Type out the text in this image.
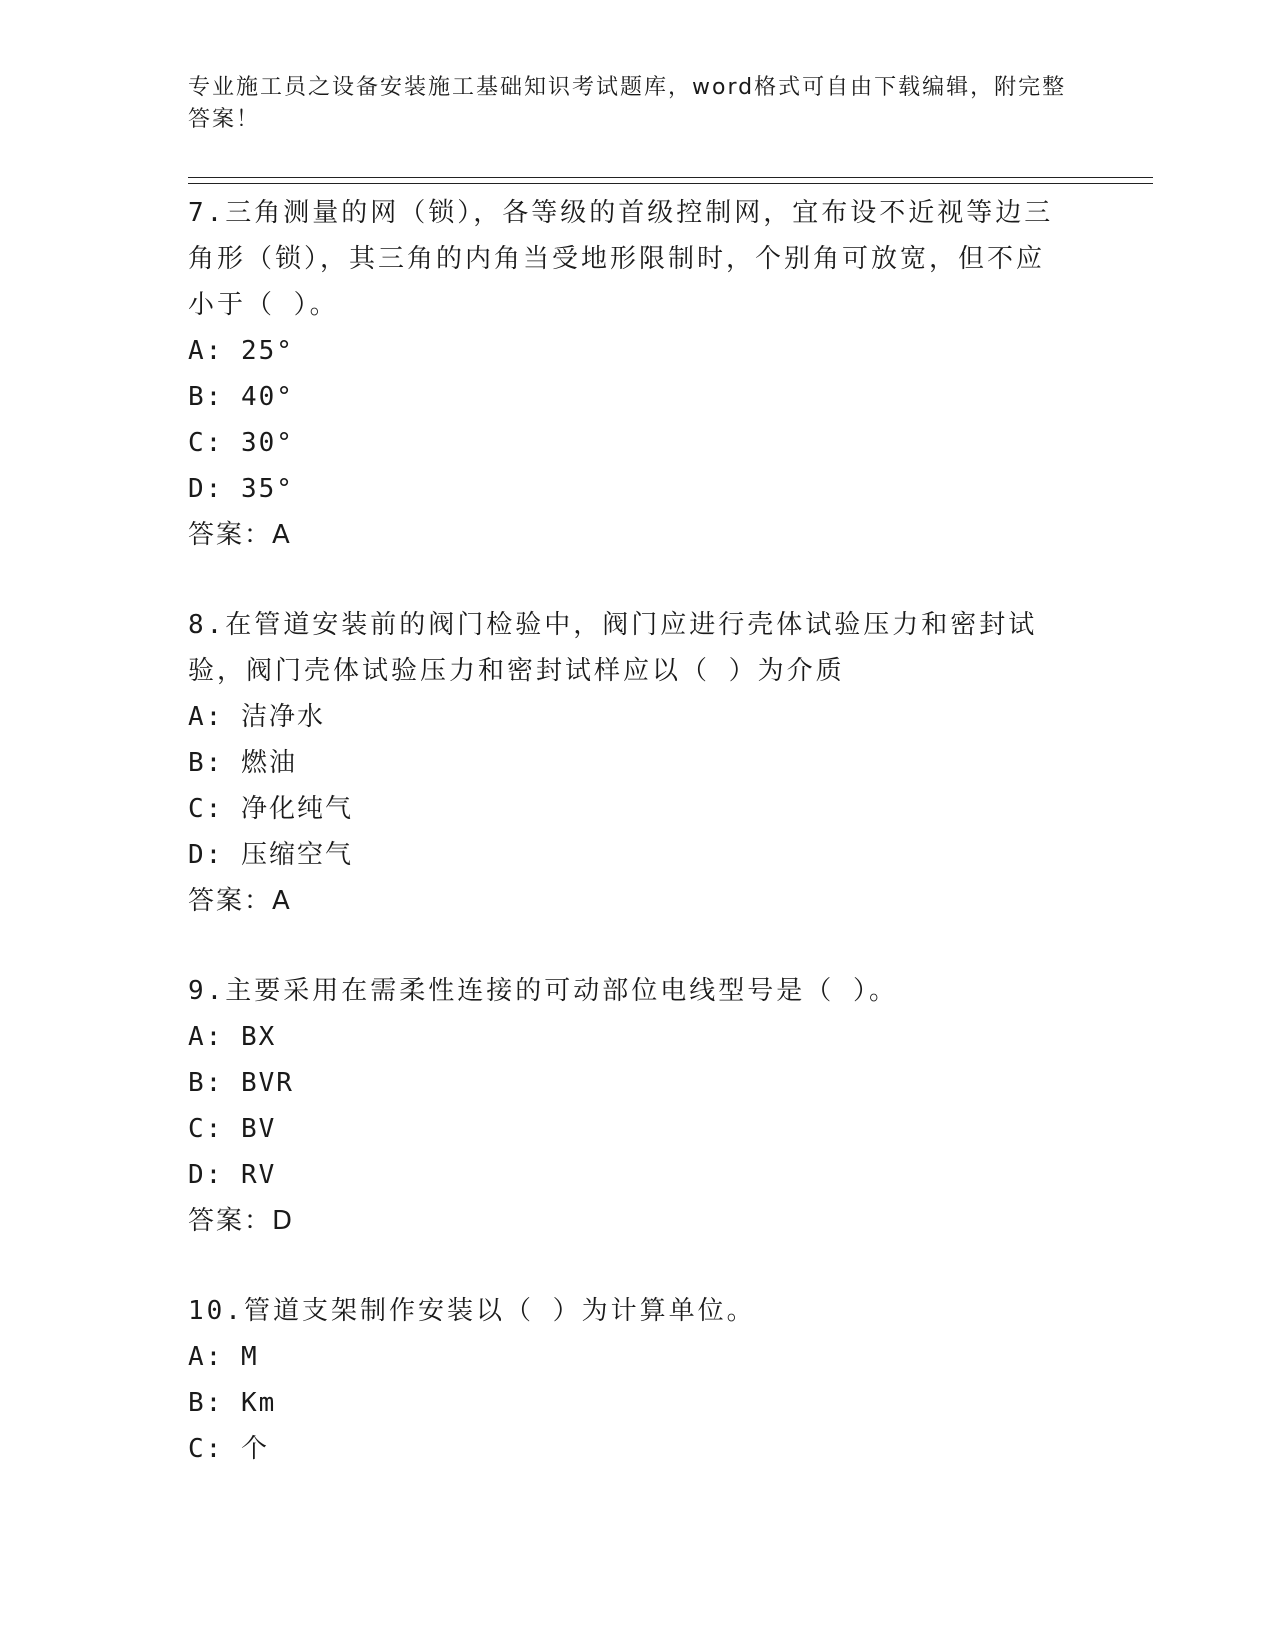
专业施工员之设备安装施工基础知识考试题库，word格式可自由下载编辑，附完整答案！

7.三角测量的网（锁），各等级的首级控制网，宜布设不近视等边三角形（锁），其三角的内角当受地形限制时，个别角可放宽，但不应小于（ ）。

A: 25°

B: 40°

C: 30°

D: 35°

答案：A

8.在管道安装前的阀门检验中，阀门应进行壳体试验压力和密封试验，阀门壳体试验压力和密封试样应以（ ）为介质

A: 洁净水

B: 燃油

C: 净化纯气

D: 压缩空气

答案：A

9.主要采用在需柔性连接的可动部位电线型号是（ ）。

A: BX

B: BVR

C: BV

D: RV

答案：D

10.管道支架制作安装以（ ）为计算单位。

A: M

B: Km

C: 个
